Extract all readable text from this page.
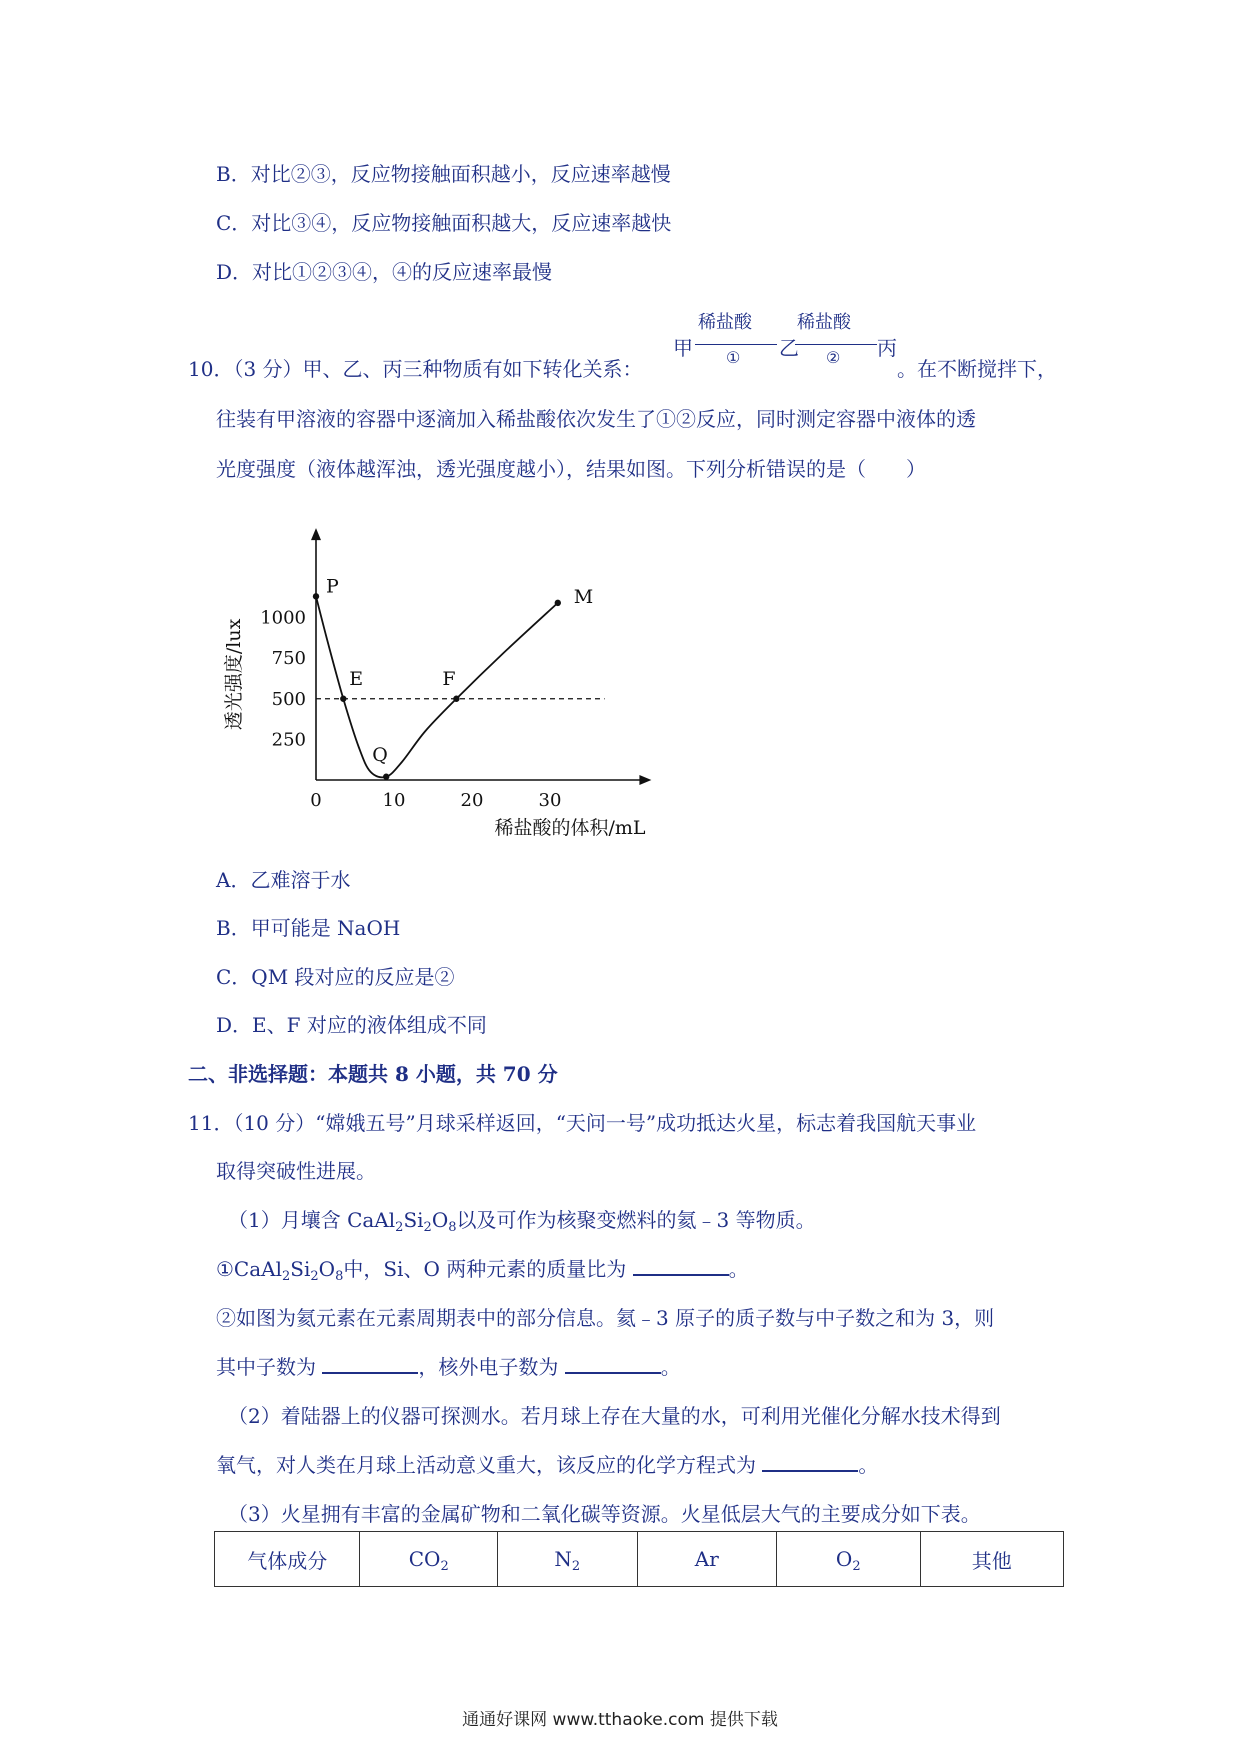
B．对比②③，反应物接触面积越小，反应速率越慢
C．对比③④，反应物接触面积越大，反应速率越快
D．对比①②③④，④的反应速率最慢
10．（3 分）甲、乙、丙三种物质有如下转化关系：
甲
稀盐酸
① 乙
稀盐酸
② 丙
。在不断搅拌下，
往装有甲溶液的容器中逐滴加入稀盐酸依次发生了①②反应，同时测定容器中液体的透
光度强度（液体越浑浊，透光强度越小），结果如图。下列分析错误的是（　　）
0	10	20	30
250
500
750
1000
稀盐酸的体积/mL
透光强度/lux
P
E
Q
F
M
A．乙难溶于水
B．甲可能是 NaOH
C．QM 段对应的反应是②
D．E、F 对应的液体组成不同
二、非选择题：本题共 8 小题，共 70 分
11．（10 分）“嫦娥五号”月球采样返回，“天问一号”成功抵达火星，标志着我国航天事业
取得突破性进展。
（1）月壤含 $CaAl_2Si_2O_8$以及可作为核聚变燃料的氦﹣3 等物质。
$①CaAl_2Si_2O_8$中，Si、O 两种元素的质量比为	。
②如图为氦元素在元素周期表中的部分信息。氦﹣3 原子的质子数与中子数之和为 3，则
其中子数为	，核外电子数为	。
（2）着陆器上的仪器可探测水。若月球上存在大量的水，可利用光催化分解水技术得到
氧气，对人类在月球上活动意义重大，该反应的化学方程式为	。
（3）火星拥有丰富的金属矿物和二氧化碳等资源。火星低层大气的主要成分如下表。
气体成分	$CO_2$	$N_2$	Ar	$O_2$	其他
通通好课网 www.tthaoke.com 提供下载
